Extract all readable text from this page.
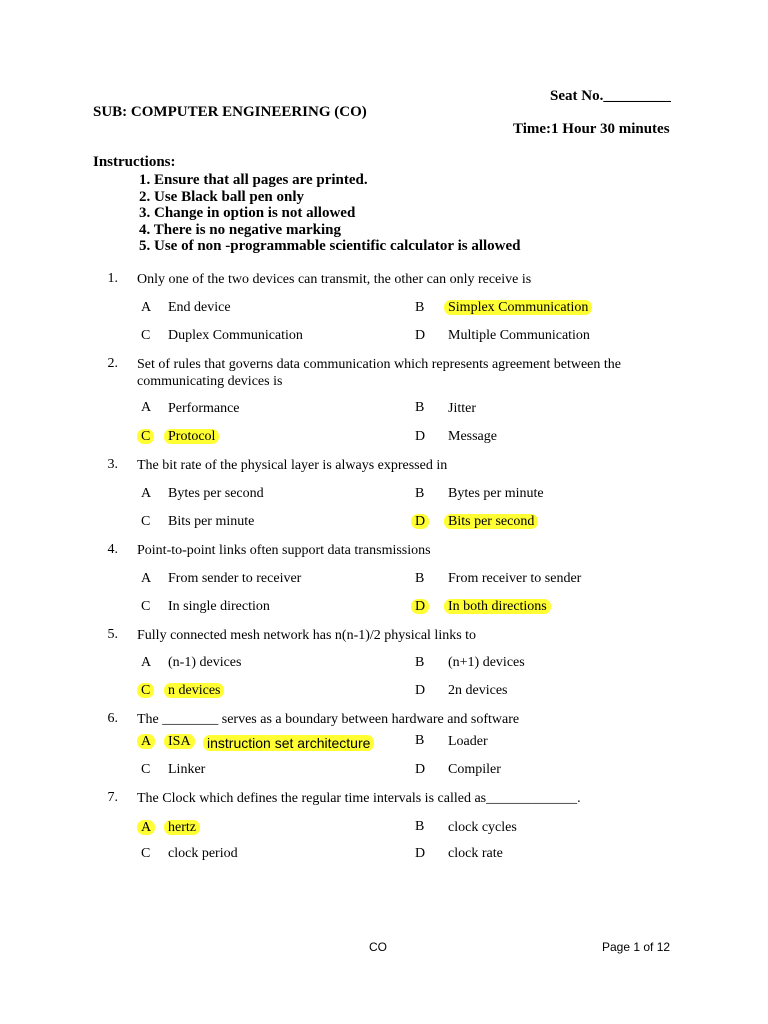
Seat No._________
SUB: COMPUTER ENGINEERING (CO)
Time:1 Hour 30 minutes
Instructions:
1. Ensure that all pages are printed.
2. Use Black ball pen only
3. Change in option is not allowed
4. There is no negative marking
5. Use of non -programmable scientific calculator is allowed
1. Only one of the two devices can transmit, the other can only receive is
A End device	B Simplex Communication
C Duplex Communication	D Multiple Communication
2. Set of rules that governs data communication which represents agreement between the communicating devices is
A Performance	B Jitter
C Protocol	D Message
3. The bit rate of the physical layer is always expressed in
A Bytes per second	B Bytes per minute
C Bits per minute	D Bits per second
4. Point-to-point links often support data transmissions
A From sender to receiver	B From receiver to sender
C In single direction	D In both directions
5. Fully connected mesh network has n(n-1)/2 physical links to
A (n-1) devices	B (n+1) devices
C n devices	D 2n devices
6. The ________ serves as a boundary between hardware and software
A ISA instruction set architecture	B Loader
C Linker	D Compiler
7. The Clock which defines the regular time intervals is called as_____________.
A hertz	B clock cycles
C clock period	D clock rate
CO	Page 1 of 12
